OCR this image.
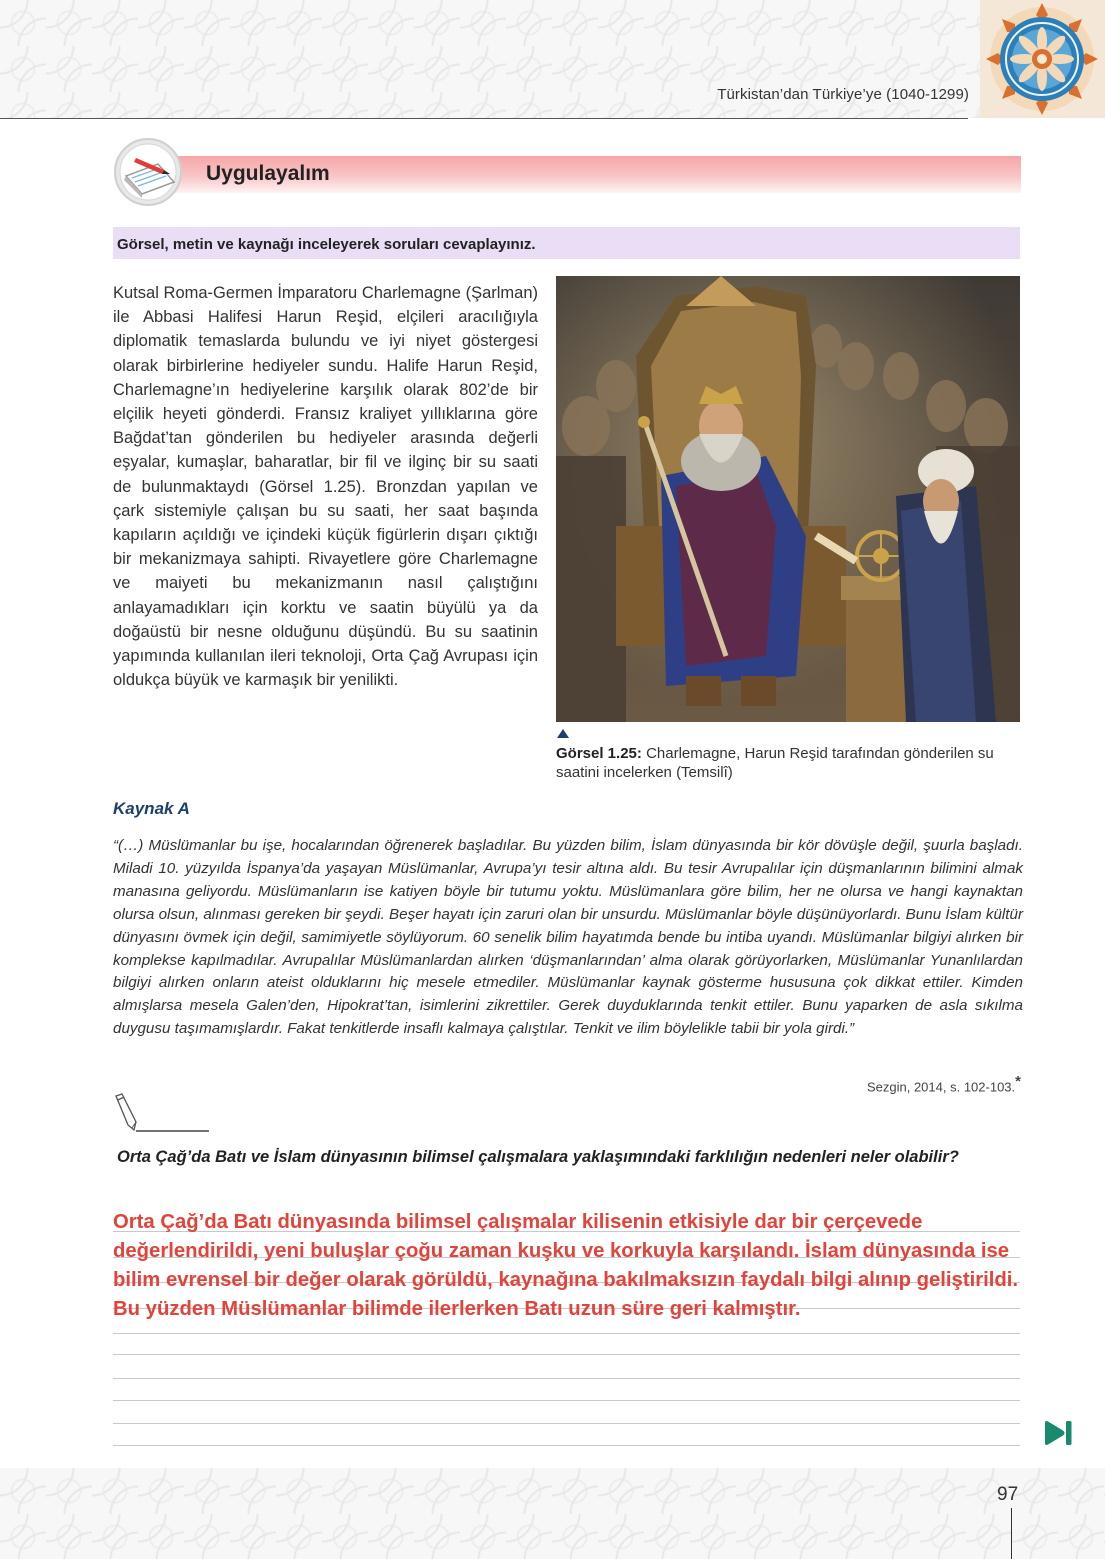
Türkistan’dan Türkiye’ye (1040-1299)
Uygulayalım
Görsel, metin ve kaynağı inceleyerek soruları cevaplayınız.
Kutsal Roma-Germen İmparatoru Charlemagne (Şarlman) ile Abbasi Halifesi Harun Reşid, elçileri aracılığıyla diplomatik temaslarda bulundu ve iyi niyet göstergesi olarak birbirlerine hediyeler sundu. Halife Harun Reşid, Charlemagne’ın hediyelerine karşılık olarak 802’de bir elçilik heyeti gönderdi. Fransız kraliyet yıllıklarına göre Bağdat’tan gönderilen bu hediyeler arasında değerli eşyalar, kumaşlar, baharatlar, bir fil ve ilginç bir su saati de bulunmaktaydı (Görsel 1.25). Bronzdan yapılan ve çark sistemiyle çalışan bu su saati, her saat başında kapıların açıldığı ve içindeki küçük figürlerin dışarı çıktığı bir mekanizmaya sahipti. Rivayetlere göre Charlemagne ve maiyeti bu mekanizmanın nasıl çalıştığını anlayamadıkları için korktu ve saatin büyülü ya da doğaüstü bir nesne olduğunu düşündü. Bu su saatinin yapımında kullanılan ileri teknoloji, Orta Çağ Avrupası için oldukça büyük ve karmaşık bir yenilikti.
Görsel 1.25: Charlemagne, Harun Reşid tarafından gönderilen su saatini incelerken (Temsilî)
Kaynak A
“(…) Müslümanlar bu işe, hocalarından öğrenerek başladılar. Bu yüzden bilim, İslam dünyasında bir kör dövüşle değil, şuurla başladı. Miladi 10. yüzyılda İspanya’da yaşayan Müslümanlar, Avrupa’yı tesir altına aldı. Bu tesir Avrupalılar için düşmanlarının bilimini almak manasına geliyordu. Müslümanların ise katiyen böyle bir tutumu yoktu. Müslümanlara göre bilim, her ne olursa ve hangi kaynaktan olursa olsun, alınması gereken bir şeydi. Beşer hayatı için zaruri olan bir unsurdu. Müslümanlar böyle düşünüyorlardı. Bunu İslam kültür dünyasını övmek için değil, samimiyetle söylüyorum. 60 senelik bilim hayatımda bende bu intiba uyandı. Müslümanlar bilgiyi alırken bir komplekse kapılmadılar. Avrupalılar Müslümanlardan alırken ‘düşmanlarından’ alma olarak görüyorlarken, Müslümanlar Yunanlılardan bilgiyi alırken onların ateist olduklarını hiç mesele etmediler. Müslümanlar kaynak gösterme hususuna çok dikkat ettiler. Kimden almışlarsa mesela Galen’den, Hipokrat’tan, isimlerini zikrettiler. Gerek duyduklarında tenkit ettiler. Bunu yaparken de asla sıkılma duygusu taşımamışlardır. Fakat tenkitlerde insaflı kalmaya çalıştılar. Tenkit ve ilim böylelikle tabii bir yola girdi.”
Sezgin, 2014, s. 102-103.*
Orta Çağ’da Batı ve İslam dünyasının bilimsel çalışmalara yaklaşımındaki farklılığın nedenleri neler olabilir?
Orta Çağ’da Batı dünyasında bilimsel çalışmalar kilisenin etkisiyle dar bir çerçevede değerlendirildi, yeni buluşlar çoğu zaman kuşku ve korkuyla karşılandı. İslam dünyasında ise bilim evrensel bir değer olarak görüldü, kaynağına bakılmaksızın faydalı bilgi alınıp geliştirildi. Bu yüzden Müslümanlar bilimde ilerlerken Batı uzun süre geri kalmıştır.
97
